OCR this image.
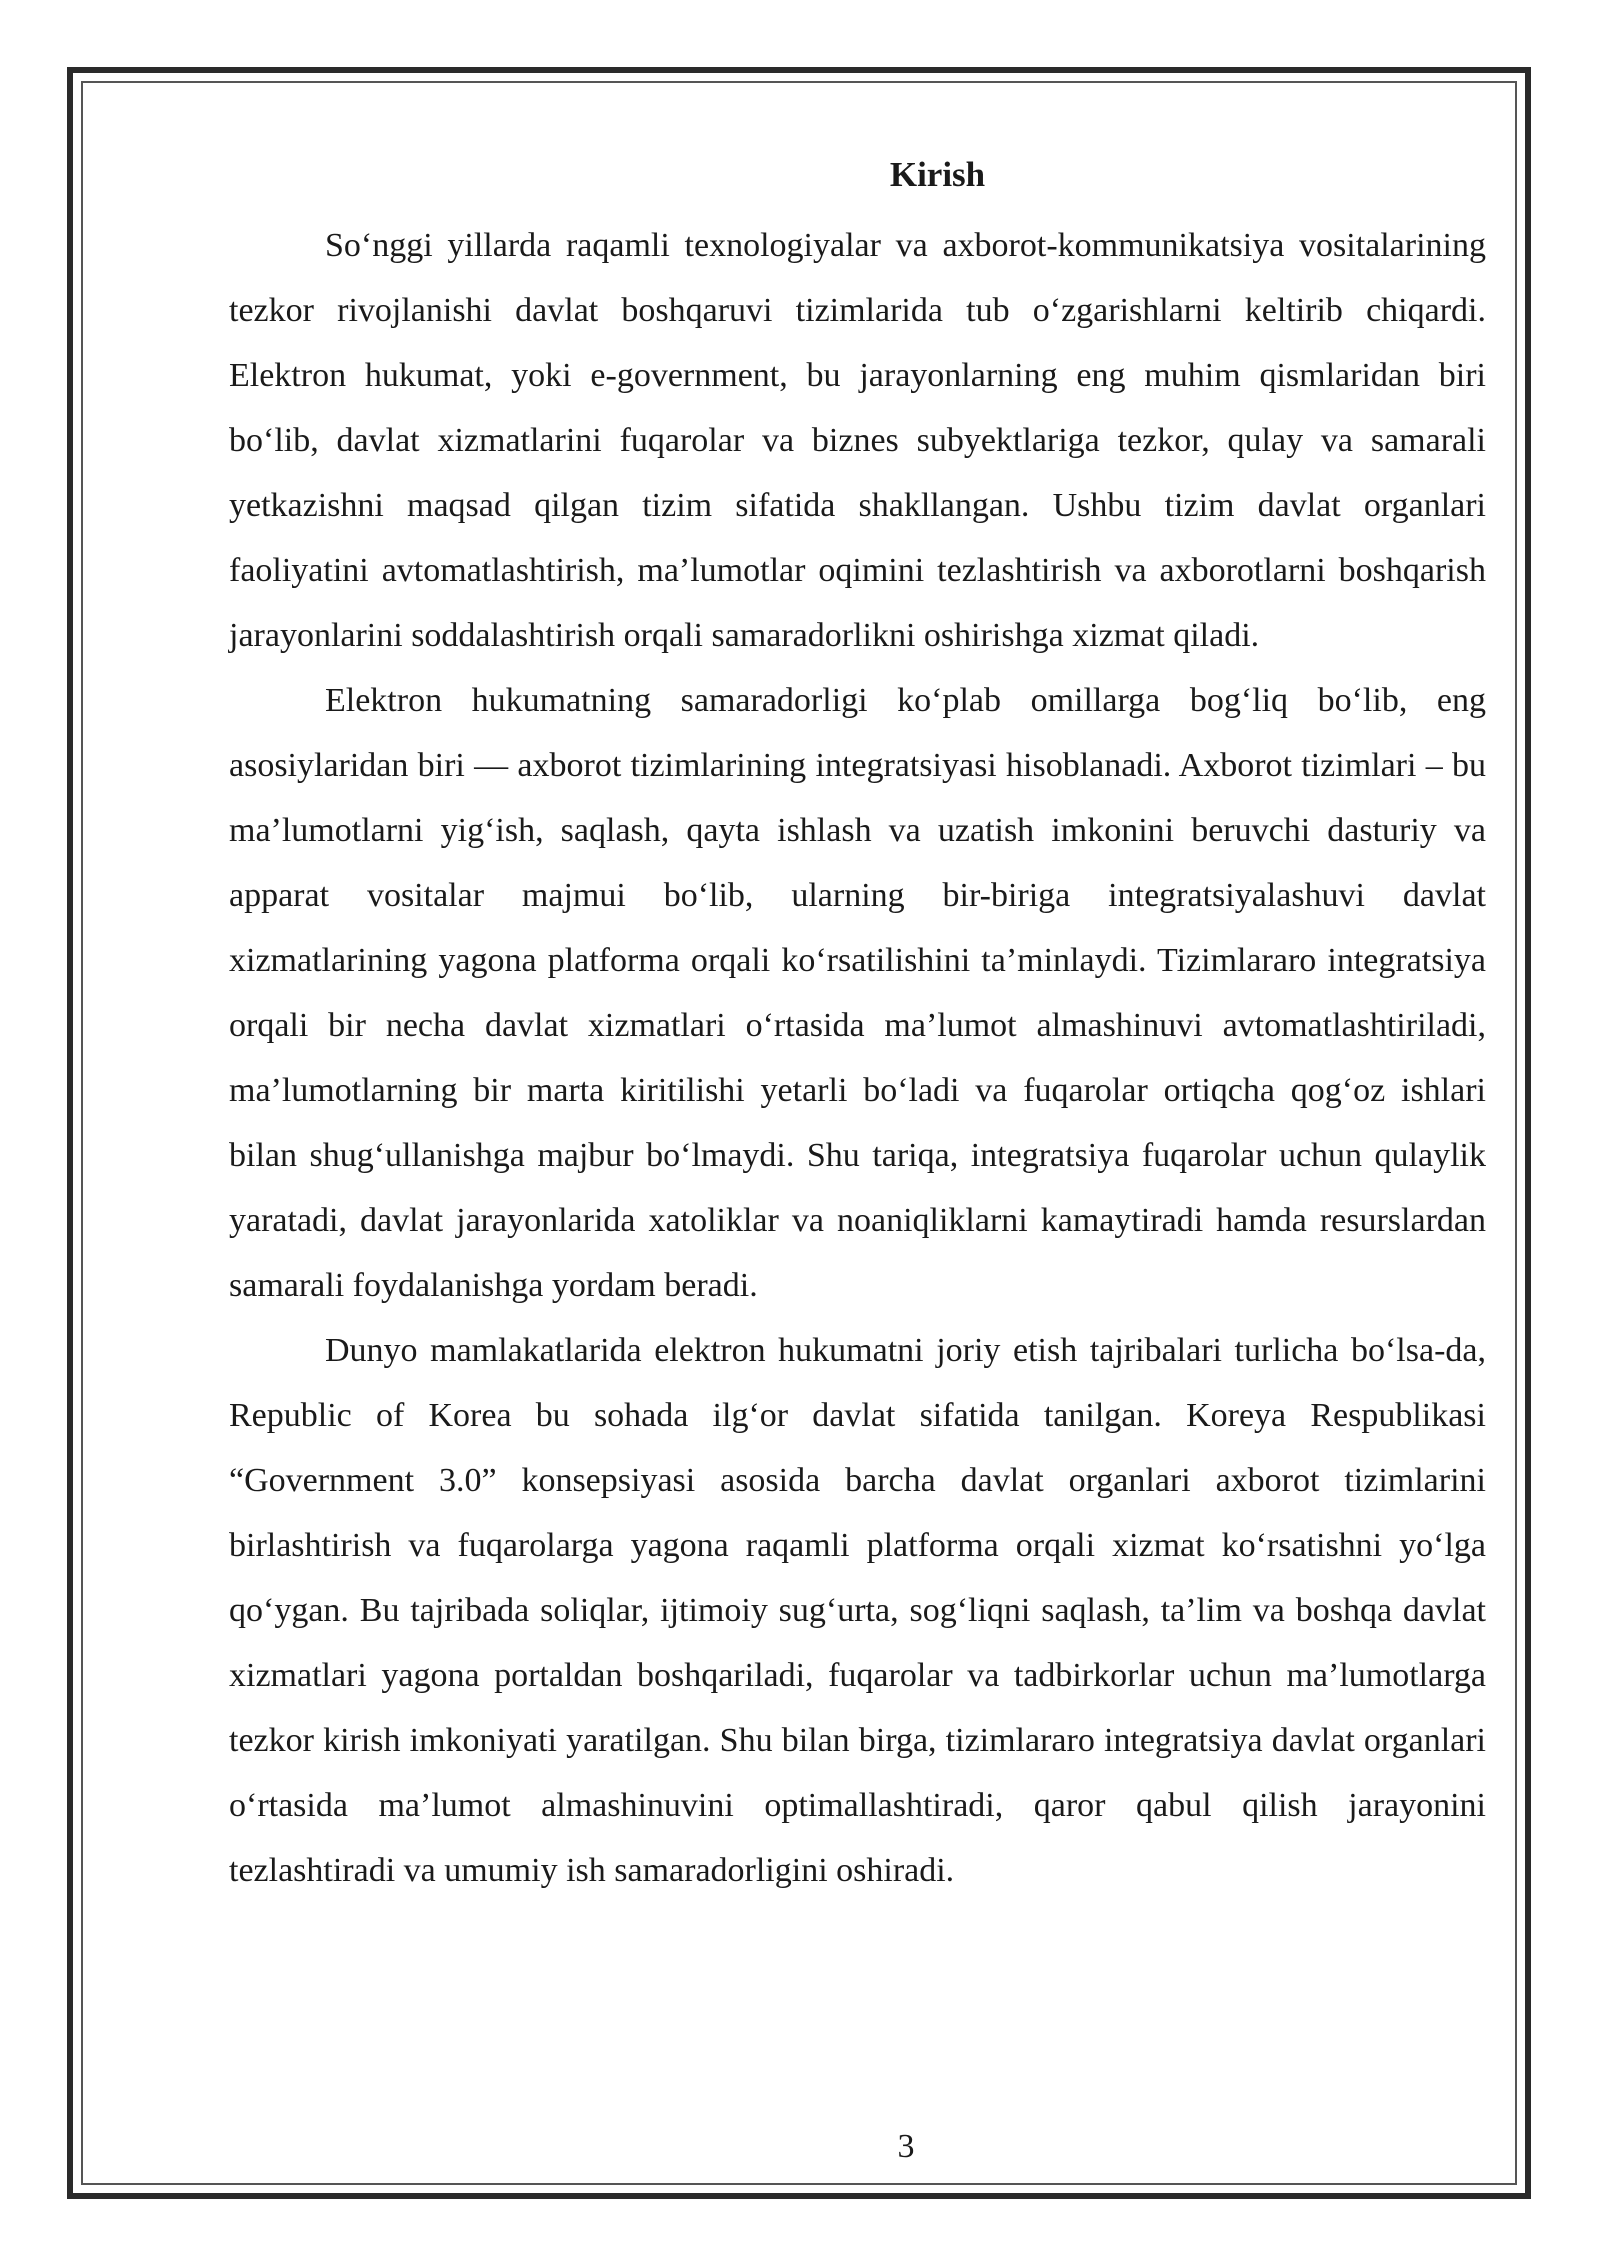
Kirish

So‘nggi yillarda raqamli texnologiyalar va axborot-kommunikatsiya vositalarining tezkor rivojlanishi davlat boshqaruvi tizimlarida tub o‘zgarishlarni keltirib chiqardi. Elektron hukumat, yoki e-government, bu jarayonlarning eng muhim qismlaridan biri bo‘lib, davlat xizmatlarini fuqarolar va biznes subyektlariga tezkor, qulay va samarali yetkazishni maqsad qilgan tizim sifatida shakllangan. Ushbu tizim davlat organlari faoliyatini avtomatlashtirish, ma’lumotlar oqimini tezlashtirish va axborotlarni boshqarish jarayonlarini soddalashtirish orqali samaradorlikni oshirishga xizmat qiladi.

Elektron hukumatning samaradorligi ko‘plab omillarga bog‘liq bo‘lib, eng asosiylaridan biri — axborot tizimlarining integratsiyasi hisoblanadi. Axborot tizimlari – bu ma’lumotlarni yig‘ish, saqlash, qayta ishlash va uzatish imkonini beruvchi dasturiy va apparat vositalar majmui bo‘lib, ularning bir-biriga integratsiyalashuvi davlat xizmatlarining yagona platforma orqali ko‘rsatilishini ta’minlaydi. Tizimlararo integratsiya orqali bir necha davlat xizmatlari o‘rtasida ma’lumot almashinuvi avtomatlashtiriladi, ma’lumotlarning bir marta kiritilishi yetarli bo‘ladi va fuqarolar ortiqcha qog‘oz ishlari bilan shug‘ullanishga majbur bo‘lmaydi. Shu tariqa, integratsiya fuqarolar uchun qulaylik yaratadi, davlat jarayonlarida xatoliklar va noaniqliklarni kamaytiradi hamda resurslardan samarali foydalanishga yordam beradi.

Dunyo mamlakatlarida elektron hukumatni joriy etish tajribalari turlicha bo‘lsa-da, Republic of Korea bu sohada ilg‘or davlat sifatida tanilgan. Koreya Respublikasi “Government 3.0” konsepsiyasi asosida barcha davlat organlari axborot tizimlarini birlashtirish va fuqarolarga yagona raqamli platforma orqali xizmat ko‘rsatishni yo‘lga qo‘ygan. Bu tajribada soliqlar, ijtimoiy sug‘urta, sog‘liqni saqlash, ta’lim va boshqa davlat xizmatlari yagona portaldan boshqariladi, fuqarolar va tadbirkorlar uchun ma’lumotlarga tezkor kirish imkoniyati yaratilgan. Shu bilan birga, tizimlararo integratsiya davlat organlari o‘rtasida ma’lumot almashinuvini optimallashtiradi, qaror qabul qilish jarayonini tezlashtiradi va umumiy ish samaradorligini oshiradi.

3
